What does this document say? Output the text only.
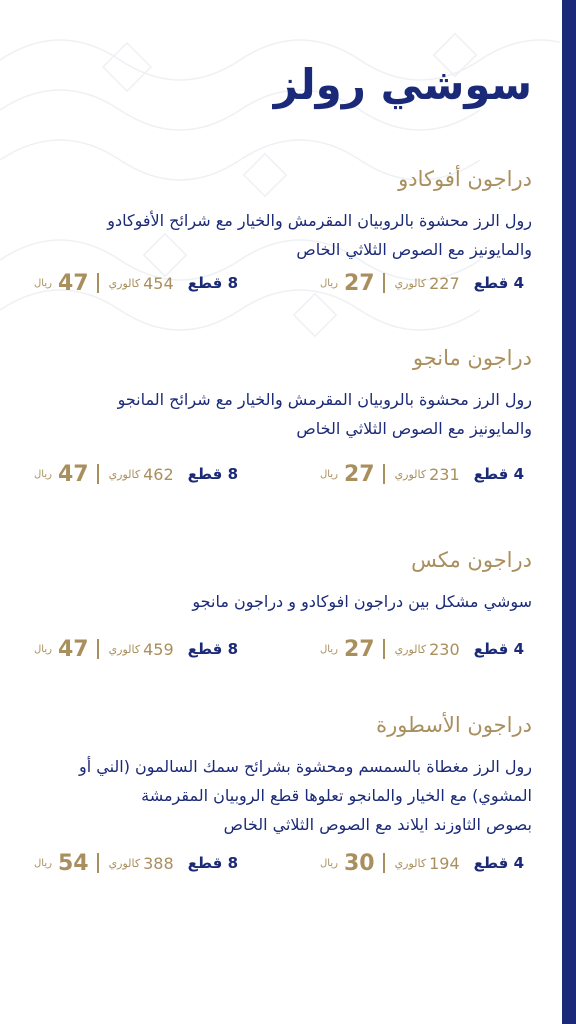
سوشي رولز
دراجون أفوكادو
رول الرز محشوة بالروبيان المقرمش والخيار مع شرائح الأفوكادو
والمايونيز مع الصوص الثلاثي الخاص
ريال 47 كالوري 454 8 قطع	ريال 27 كالوري 227 4 قطع
دراجون مانجو
رول الرز محشوة بالروبيان المقرمش والخيار مع شرائح المانجو
والمايونيز مع الصوص الثلاثي الخاص
ريال 47 كالوري 462 8 قطع	ريال 27 كالوري 231 4 قطع
دراجون مكس
سوشي مشكل بين دراجون افوكادو و دراجون مانجو
ريال 47 كالوري 459 8 قطع	ريال 27 كالوري 230 4 قطع
دراجون الأسطورة
رول الرز مغطاة بالسمسم ومحشوة بشرائح سمك السالمون (الني أو
المشوي) مع الخيار والمانجو تعلوها قطع الروبيان المقرمشة
بصوص الثاوزند ايلاند مع الصوص الثلاثي الخاص
ريال 54 كالوري 388 8 قطع	ريال 30 كالوري 194 4 قطع
